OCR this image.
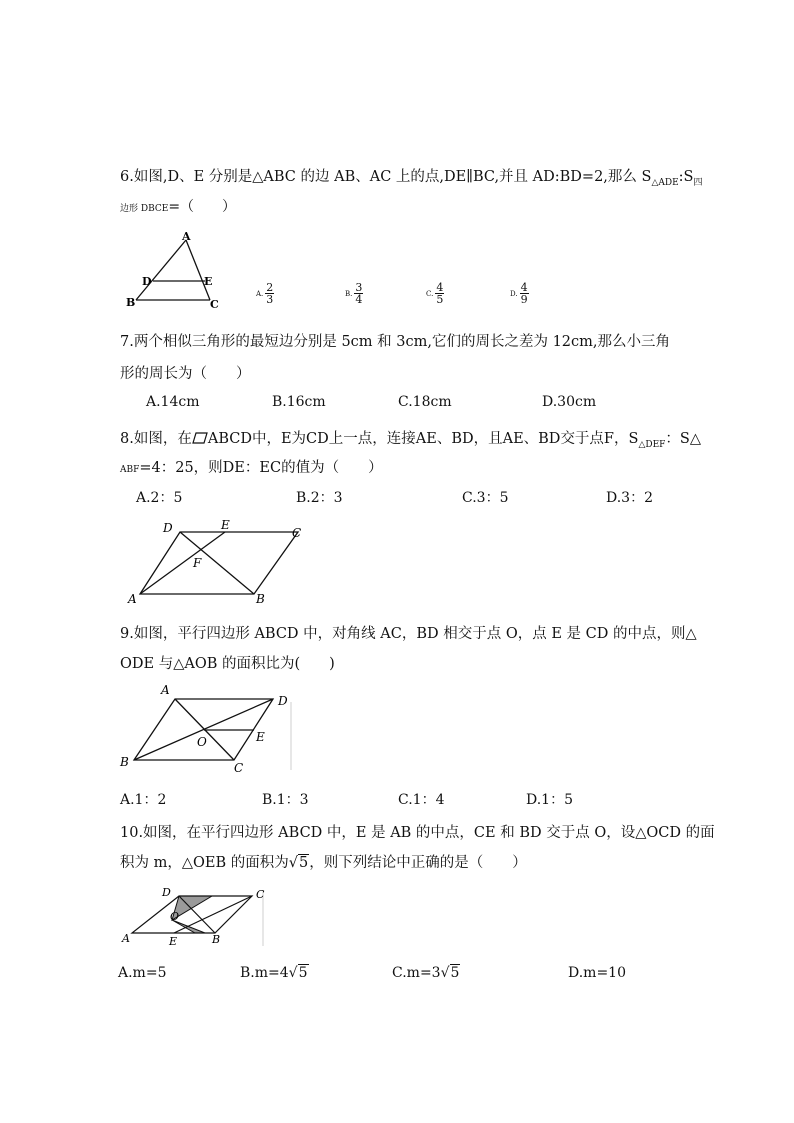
6.如图,D、E 分别是△ABC 的边 AB、AC 上的点,DE∥BC,并且 AD:BD=2,那么 $S_{\triangle ADE}:S_四$
边形 DBCE=（　　）
A
D	E
B	C
A. $\frac{2}{3}$	B. $\frac{3}{4}$	C. $\frac{4}{5}$	D. $\frac{4}{9}$
7.两个相似三角形的最短边分别是 5cm 和 3cm,它们的周长之差为 12cm,那么小三角
形的周长为（　　）
A.14cm	B.16cm	C.18cm	D.30cm
8.如图，在 ABCD中，E为CD上一点，连接AE、BD，且AE、BD交于点F，$S_{\triangle DEF}$：S△
ABF=4：25，则DE：EC的值为（　　）
A.2：5	B.2：3	C.3：5	D.3：2
D	E
C
F
A	B
9.如图，平行四边形 ABCD 中，对角线 AC，BD 相交于点 O，点 E 是 CD 的中点，则△
ODE 与△AOB 的面积比为(　　)
A
D
O	E
B	C
A.1：2	B.1：3	C.1：4	D.1：5
10.如图，在平行四边形 ABCD 中，E 是 AB 的中点，CE 和 BD 交于点 O，设△OCD 的面
积为 m，△OEB 的面积为√5，则下列结论中正确的是（　　）
D	C
O
A	E	B
A.m=5	B.m=4√5	C.m=3√5	D.m=10
